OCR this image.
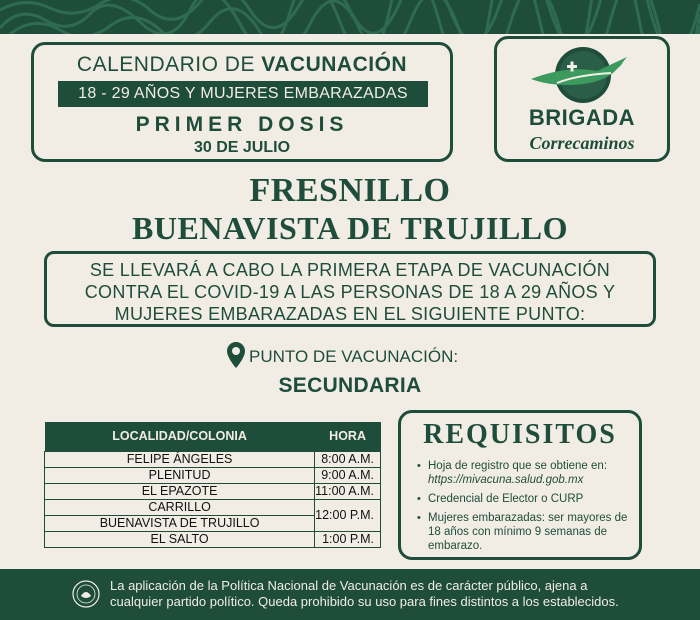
CALENDARIO DE VACUNACIÓN
18 - 29 AÑOS Y MUJERES EMBARAZADAS
PRIMER DOSIS
30 DE JULIO
BRIGADA
Correcaminos
FRESNILLO
BUENAVISTA DE TRUJILLO
SE LLEVARÁ A CABO LA PRIMERA ETAPA DE VACUNACIÓN
CONTRA EL COVID-19 A LAS PERSONAS DE 18 A 29 AÑOS Y
MUJERES EMBARAZADAS EN EL SIGUIENTE PUNTO:
PUNTO DE VACUNACIÓN:
SECUNDARIA
LOCALIDAD/COLONIA	HORA
FELIPE ÁNGELES	8:00 A.M.
PLENITUD	9:00 A.M.
EL EPAZOTE	11:00 A.M.
CARRILLO	12:00 P.M.
BUENAVISTA DE TRUJILLO	
EL SALTO	1:00 P.M.
REQUISITOS
• Hoja de registro que se obtiene en: https://mivacuna.salud.gob.mx
• Credencial de Elector o CURP
• Mujeres embarazadas: ser mayores de 18 años con mínimo 9 semanas de embarazo.
La aplicación de la Política Nacional de Vacunación es de carácter público, ajena a
cualquier partido político. Queda prohibido su uso para fines distintos a los establecidos.
